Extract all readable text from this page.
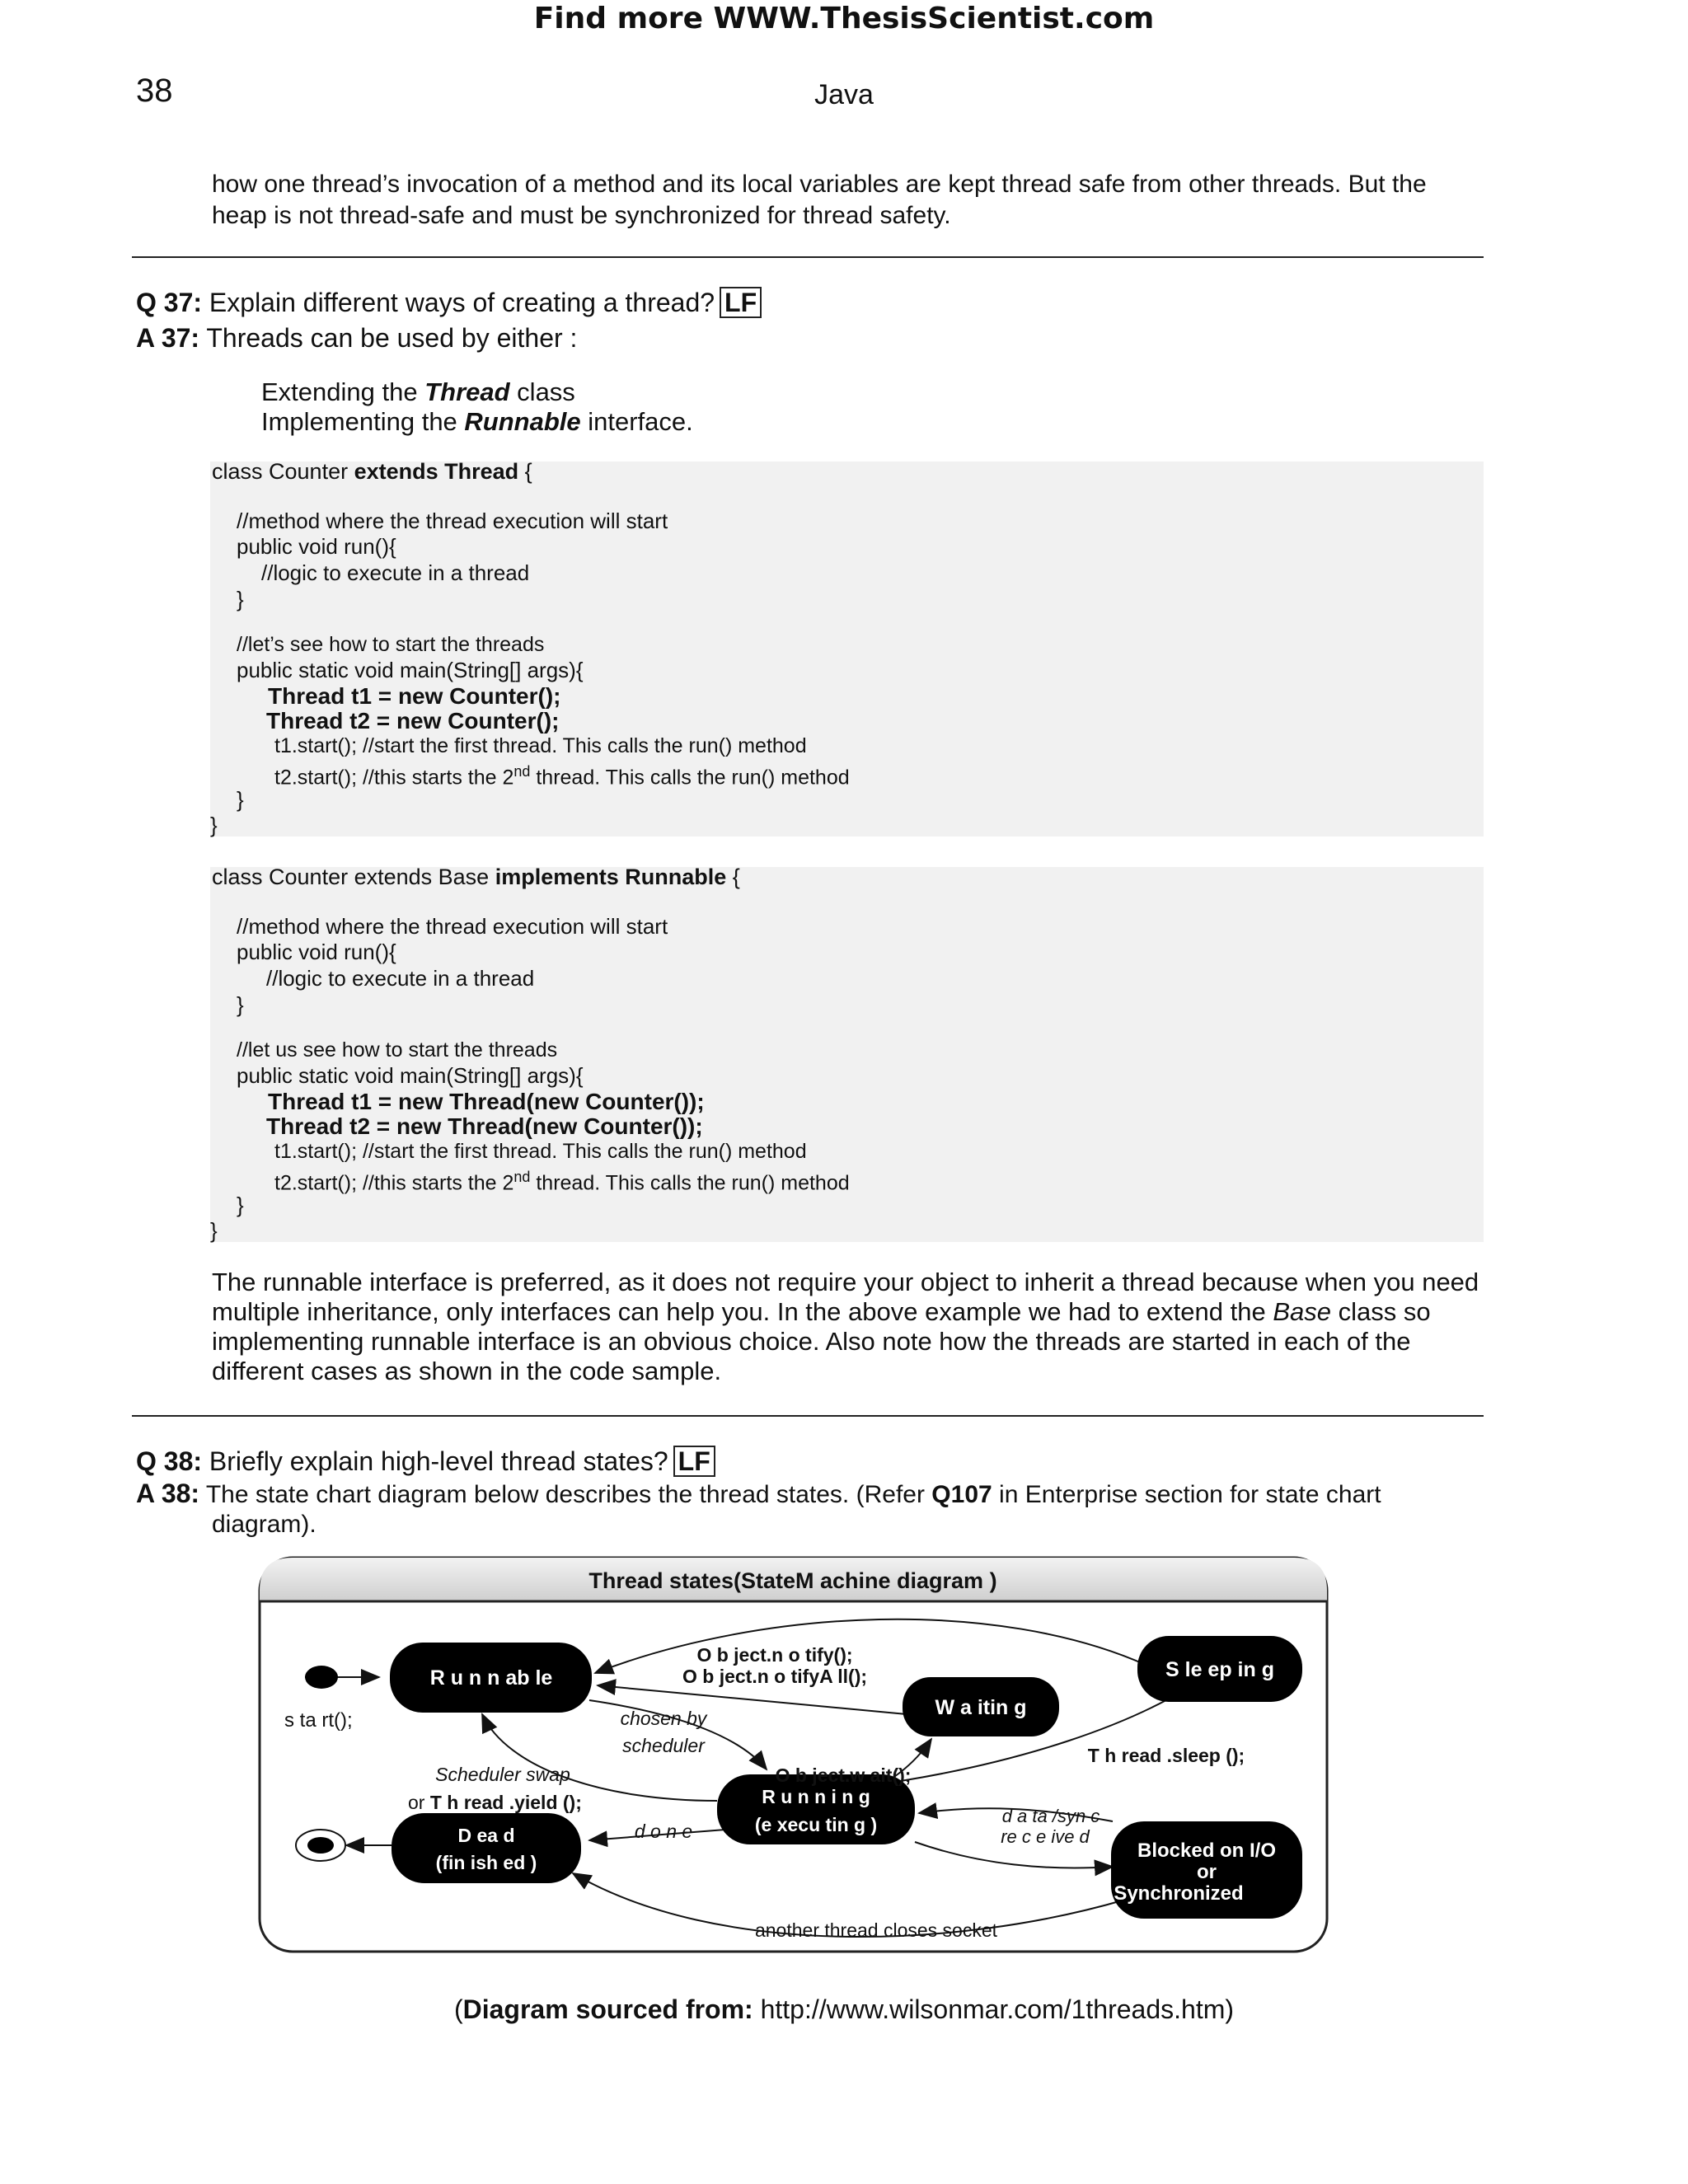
Find more WWW.ThesisScientist.com
38	Java
how one thread’s invocation of a method and its local variables are kept thread safe from other threads. But the
heap is not thread-safe and must be synchronized for thread safety.
Q 37: Explain different ways of creating a thread? LF
A 37: Threads can be used by either :
Extending the Thread class
Implementing the Runnable interface.
class Counter extends Thread {
//method where the thread execution will start
public void run(){
//logic to execute in a thread
}
//let’s see how to start the threads
public static void main(String[] args){
Thread t1 = new Counter();
Thread t2 = new Counter();
t1.start(); //start the first thread. This calls the run() method
t2.start(); //this starts the 2nd thread. This calls the run() method
}
}
class Counter extends Base implements Runnable {
//method where the thread execution will start
public void run(){
//logic to execute in a thread
}
//let us see how to start the threads
public static void main(String[] args){
Thread t1 = new Thread(new Counter());
Thread t2 = new Thread(new Counter());
t1.start(); //start the first thread. This calls the run() method
t2.start(); //this starts the 2nd thread. This calls the run() method
}
}
The runnable interface is preferred, as it does not require your object to inherit a thread because when you need
multiple inheritance, only interfaces can help you. In the above example we had to extend the Base class so
implementing runnable interface is an obvious choice. Also note how the threads are started in each of the
different cases as shown in the code sample.
Q 38: Briefly explain high-level thread states? LF
A 38: The state chart diagram below describes the thread states. (Refer Q107 in Enterprise section for state chart
diagram).
Thread states(StateM achine diagram )
R u n n ab le
W a itin g
S le ep in g
R u n n i n g
(e xecu tin g )
D ea d
(fin ish ed )
Blocked on I/O
or
Synchronized
s ta rt();
O b ject.n o tify();
O b ject.n o tifyA ll();
chosen by
scheduler
Scheduler swap
or T h read .yield ();
O b ject.w ait();
T h read .sleep ();
d a ta /syn c
re c e ive d
d o n e
another thread closes socket
(Diagram sourced from: http://www.wilsonmar.com/1threads.htm)
